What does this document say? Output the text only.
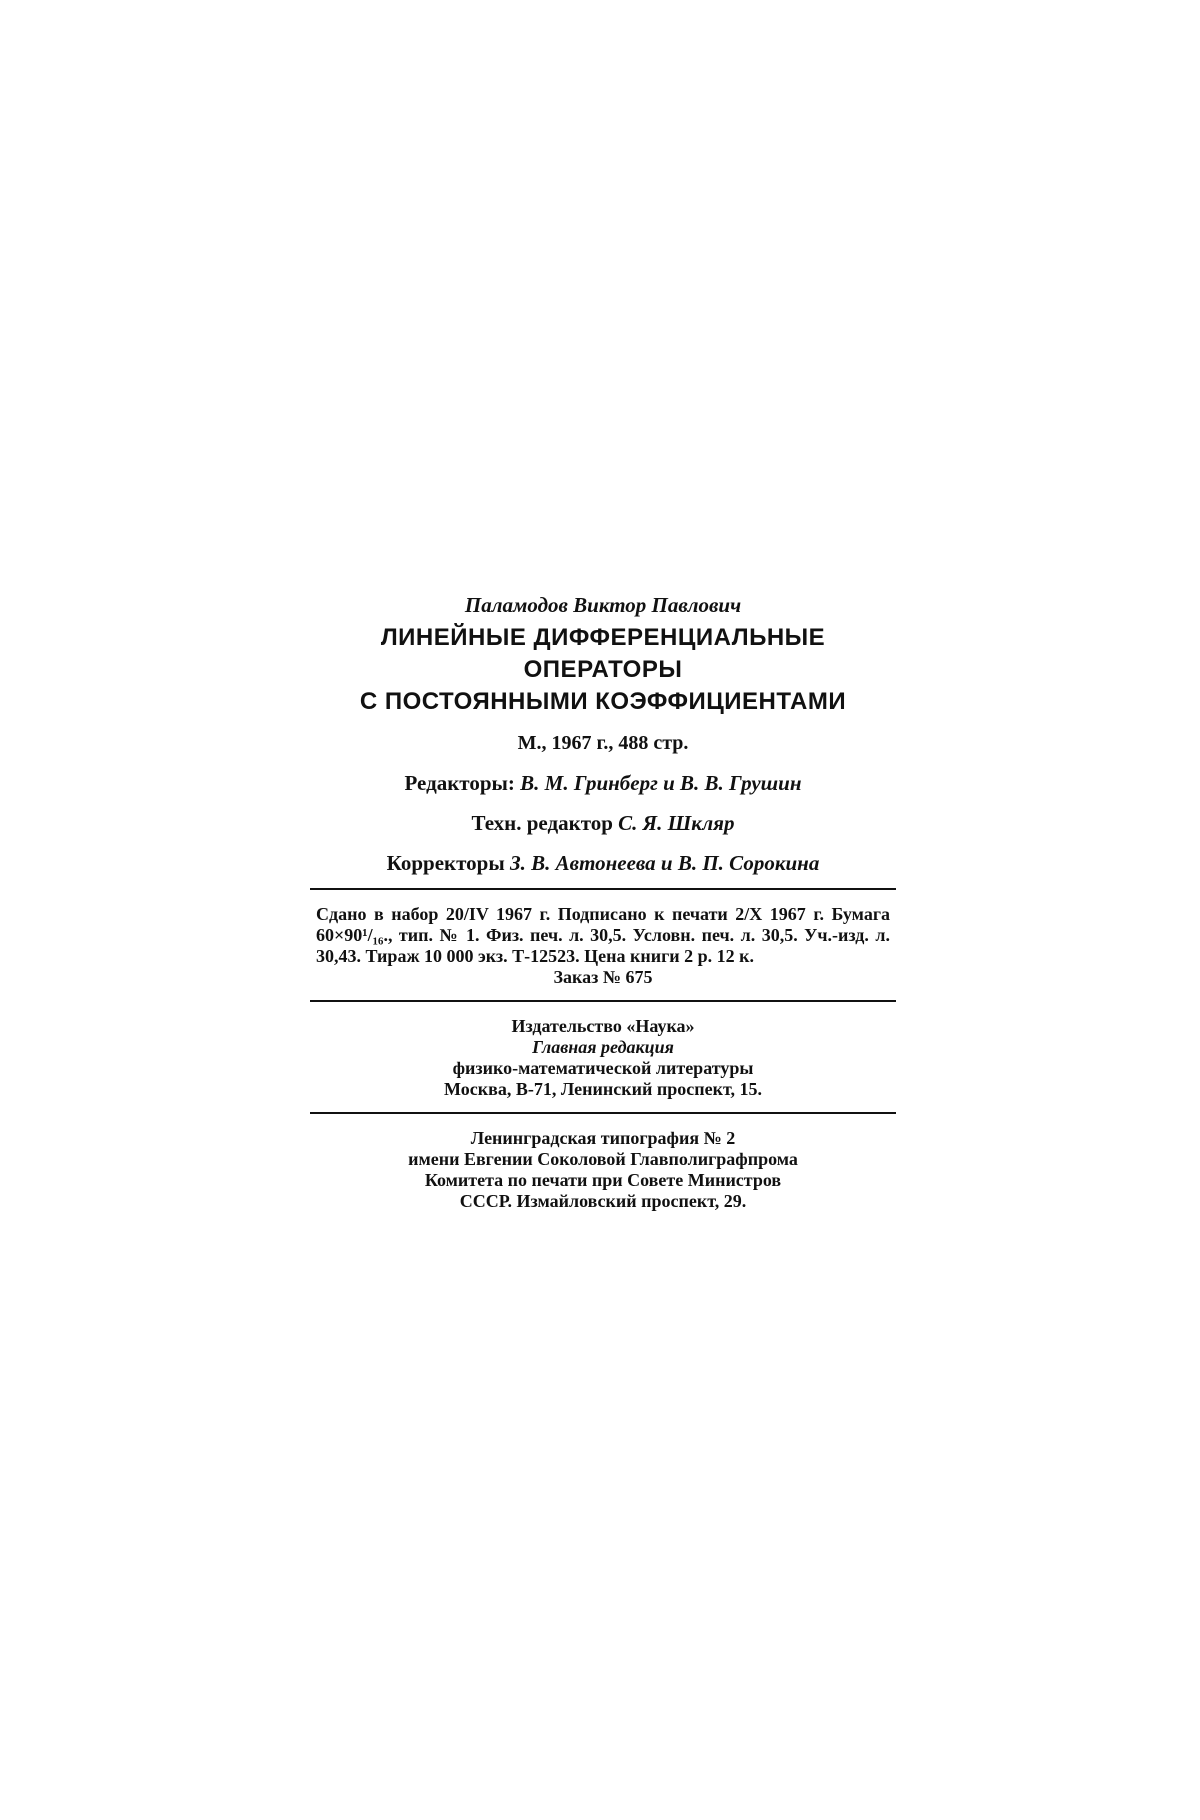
Паламодов Виктор Павлович
ЛИНЕЙНЫЕ ДИФФЕРЕНЦИАЛЬНЫЕ ОПЕРАТОРЫ
С ПОСТОЯННЫМИ КОЭФФИЦИЕНТАМИ
М., 1967 г., 488 стр.
Редакторы: В. М. Гринберг и В. В. Грушин
Техн. редактор С. Я. Шкляр
Корректоры З. В. Автонеева и В. П. Сорокина
Сдано в набор 20/IV 1967 г. Подписано к печати 2/X 1967 г. Бумага 60×90¹/₁₆., тип. № 1. Физ. печ. л. 30,5. Условн. печ. л. 30,5. Уч.-изд. л. 30,43. Тираж 10 000 экз. Т-12523. Цена книги 2 р. 12 к.
Заказ № 675
Издательство «Наука»
Главная редакция
физико-математической литературы
Москва, В-71, Ленинский проспект, 15.
Ленинградская типография № 2
имени Евгении Соколовой Главполиграфпрома
Комитета по печати при Совете Министров
СССР. Измайловский проспект, 29.
